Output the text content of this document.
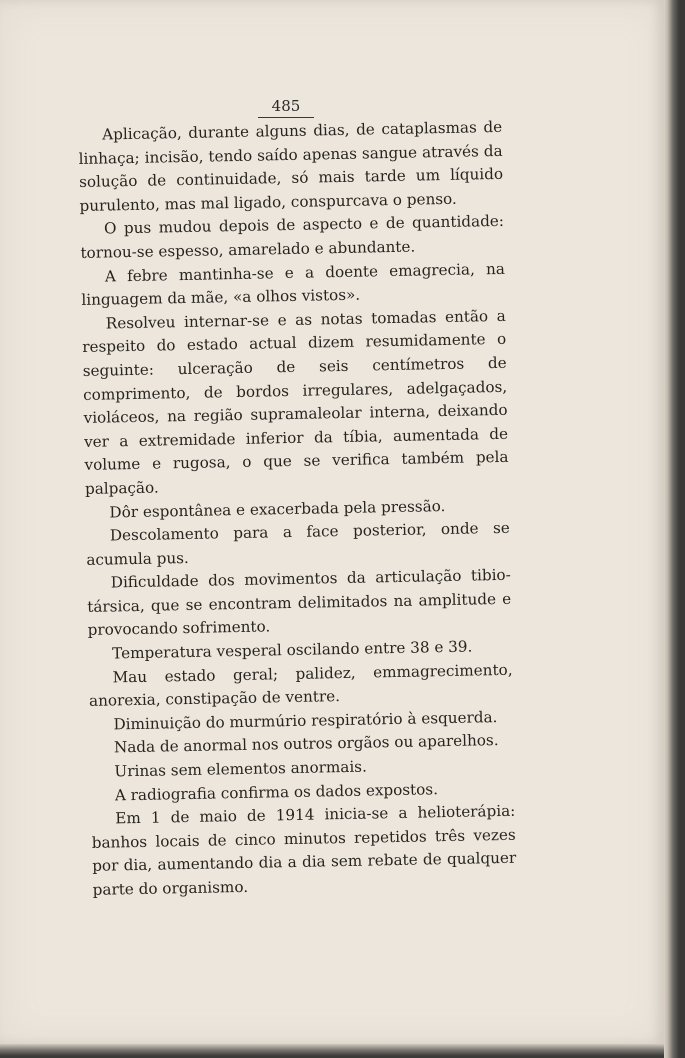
485

Aplicação, durante alguns dias, de cataplasmas de linhaça; incisão, tendo saído apenas sangue através da solução de continuidade, só mais tarde um líquido purulento, mas mal ligado, conspurcava o penso.

O pus mudou depois de aspecto e de quantidade: tornou-se espesso, amarelado e abundante.

A febre mantinha-se e a doente emagrecia, na linguagem da mãe, «a olhos vistos».

Resolveu internar-se e as notas tomadas então a respeito do estado actual dizem resumidamente o seguinte: ulceração de seis centímetros de comprimento, de bordos irregulares, adelgaçados, violáceos, na região supramaleolar interna, deixando ver a extremidade inferior da tíbia, aumentada de volume e rugosa, o que se verifica também pela palpação.

Dôr espontânea e exacerbada pela pressão.

Descolamento para a face posterior, onde se acumula pus.

Dificuldade dos movimentos da articulação tibio-társica, que se encontram delimitados na amplitude e provocando sofrimento.

Temperatura vesperal oscilando entre 38 e 39.

Mau estado geral; palidez, emmagrecimento, anorexia, constipação de ventre.

Diminuição do murmúrio respiratório à esquerda.

Nada de anormal nos outros orgãos ou aparelhos.

Urinas sem elementos anormais.

A radiografia confirma os dados expostos.

Em 1 de maio de 1914 inicia-se a helioterápia: banhos locais de cinco minutos repetidos três vezes por dia, aumentando dia a dia sem rebate de qualquer parte do organismo.
